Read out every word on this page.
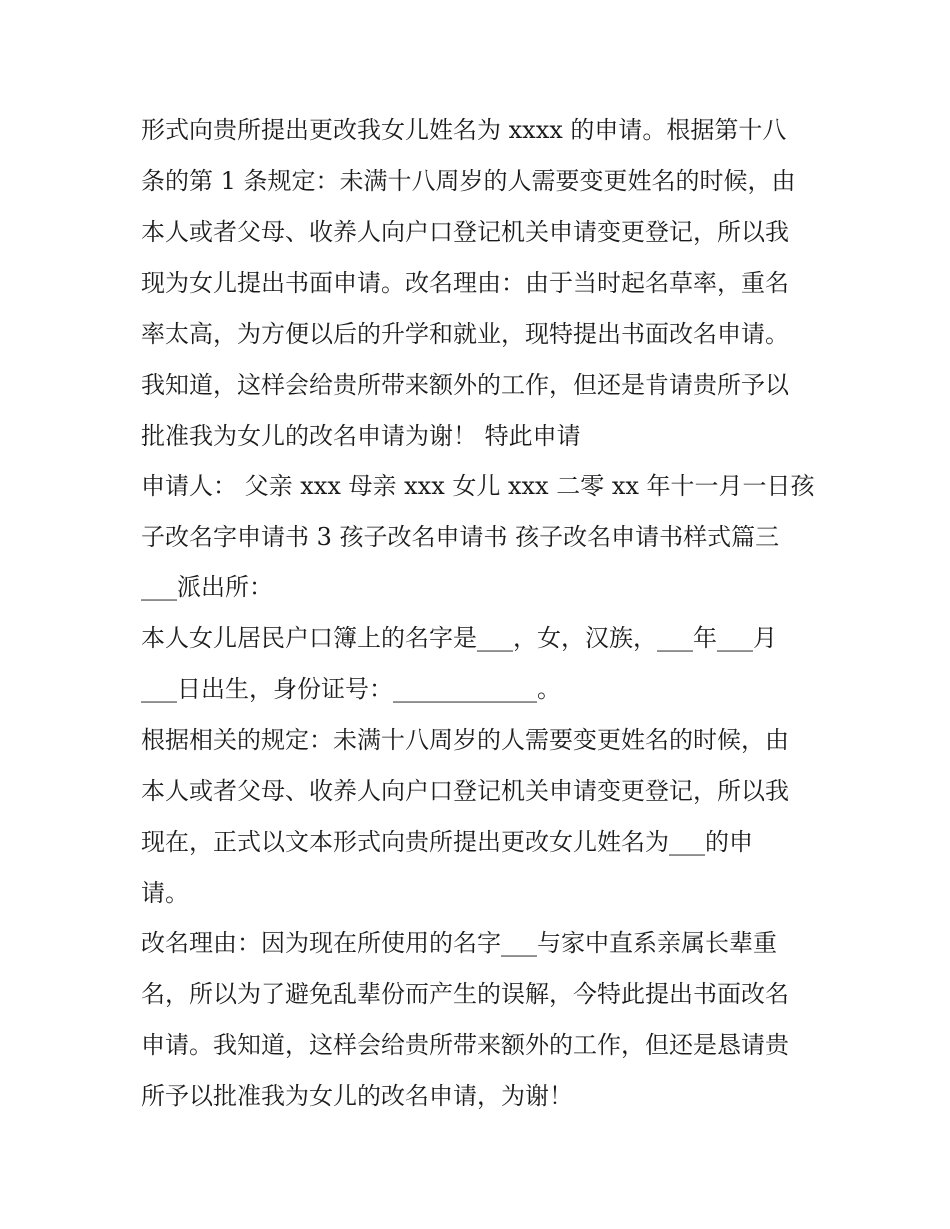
形式向贵所提出更改我女儿姓名为 xxxx 的申请。根据第十八
条的第 1 条规定：未满十八周岁的人需要变更姓名的时候，由
本人或者父母、收养人向户口登记机关申请变更登记，所以我
现为女儿提出书面申请。改名理由：由于当时起名草率，重名
率太高，为方便以后的升学和就业，现特提出书面改名申请。
我知道，这样会给贵所带来额外的工作，但还是肯请贵所予以
批准我为女儿的改名申请为谢！ 特此申请
申请人： 父亲 xxx 母亲 xxx 女儿 xxx 二零 xx 年十一月一日孩
子改名字申请书 3 孩子改名申请书 孩子改名申请书样式篇三
___派出所：
本人女儿居民户口簿上的名字是___，女，汉族，___年___月
___日出生，身份证号：____________。
根据相关的规定：未满十八周岁的人需要变更姓名的时候，由
本人或者父母、收养人向户口登记机关申请变更登记，所以我
现在，正式以文本形式向贵所提出更改女儿姓名为___的申
请。
改名理由：因为现在所使用的名字___与家中直系亲属长辈重
名，所以为了避免乱辈份而产生的误解，今特此提出书面改名
申请。我知道，这样会给贵所带来额外的工作，但还是恳请贵
所予以批准我为女儿的改名申请，为谢！
